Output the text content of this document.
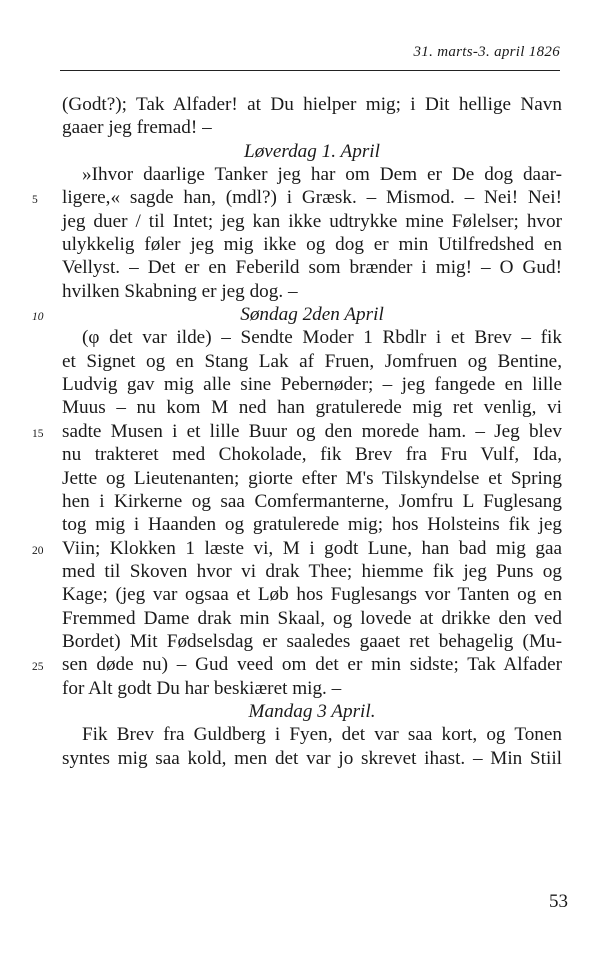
31. marts-3. april 1826
(Godt?); Tak Alfader! at Du hielper mig; i Dit hellige Navn
gaaer jeg fremad! –
Løverdag 1. April
»Ihvor daarlige Tanker jeg har om Dem er De dog daar-
5 ligere,« sagde han, (mdl?) i Græsk. – Mismod. – Nei! Nei!
jeg duer / til Intet; jeg kan ikke udtrykke mine Følelser; hvor
ulykkelig føler jeg mig ikke og dog er min Utilfredshed en
Vellyst. – Det er en Feberild som brænder i mig! – O Gud!
hvilken Skabning er jeg dog. –
10	Søndag 2den April
(φ det var ilde) – Sendte Moder 1 Rbdlr i et Brev – fik
et Signet og en Stang Lak af Fruen, Jomfruen og Bentine,
Ludvig gav mig alle sine Pebernøder; – jeg fangede en lille
Muus – nu kom M ned han gratulerede mig ret venlig, vi
15 sadte Musen i et lille Buur og den morede ham. – Jeg blev
nu trakteret med Chokolade, fik Brev fra Fru Vulf, Ida,
Jette og Lieutenanten; giorte efter M's Tilskyndelse et Spring
hen i Kirkerne og saa Comfermanterne, Jomfru L Fuglesang
tog mig i Haanden og gratulerede mig; hos Holsteins fik jeg
20 Viin; Klokken 1 læste vi, M i godt Lune, han bad mig gaa
med til Skoven hvor vi drak Thee; hiemme fik jeg Puns og
Kage; (jeg var ogsaa et Løb hos Fuglesangs vor Tanten og en
Fremmed Dame drak min Skaal, og lovede at drikke den ved
Bordet) Mit Fødselsdag er saaledes gaaet ret behagelig (Mu-
25 sen døde nu) – Gud veed om det er min sidste; Tak Alfader
for Alt godt Du har beskiæret mig. –
Mandag 3 April.
Fik Brev fra Guldberg i Fyen, det var saa kort, og Tonen
syntes mig saa kold, men det var jo skrevet ihast. – Min Stiil
53
